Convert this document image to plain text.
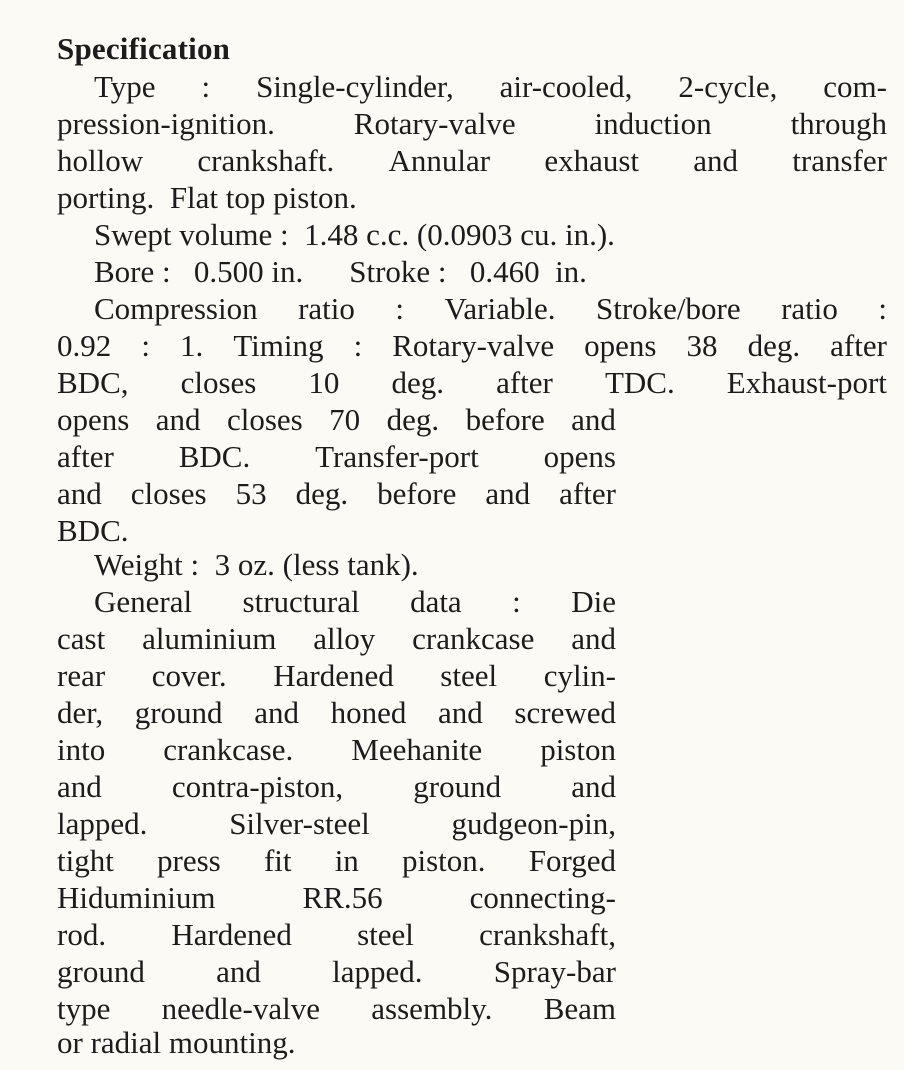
Specification
Type : Single-cylinder, air-cooled, 2-cycle, com-
pression-ignition.	Rotary-valve	induction	through
hollow crankshaft. Annular exhaust and transfer
porting.
Flat
top
piston.
Swept volume :
1.48 c.c. (0.0903 cu. in.).
Bore :
0.500 in. Stroke :
0.460
in.
Compression ratio : Variable. Stroke/bore ratio :
0.92 : 1. Timing : Rotary-valve opens 38 deg. after
BDC, closes 10 deg. after TDC. Exhaust-port
opens and closes 70 deg. before and
after BDC. Transfer-port opens
and closes 53 deg. before and after
BDC.
Weight :
3 oz. (less tank).
General structural data : Die
cast aluminium alloy crankcase and
rear cover. Hardened steel cylin-
der, ground and honed and screwed
into crankcase. Meehanite piston
and contra-piston, ground and
lapped.	Silver-steel	gudgeon-pin,
tight press fit in piston. Forged
Hiduminium	RR.56	connecting-
rod. Hardened steel crankshaft,
ground and lapped. Spray-bar
type needle-valve assembly. Beam
or
radial
mounting.
